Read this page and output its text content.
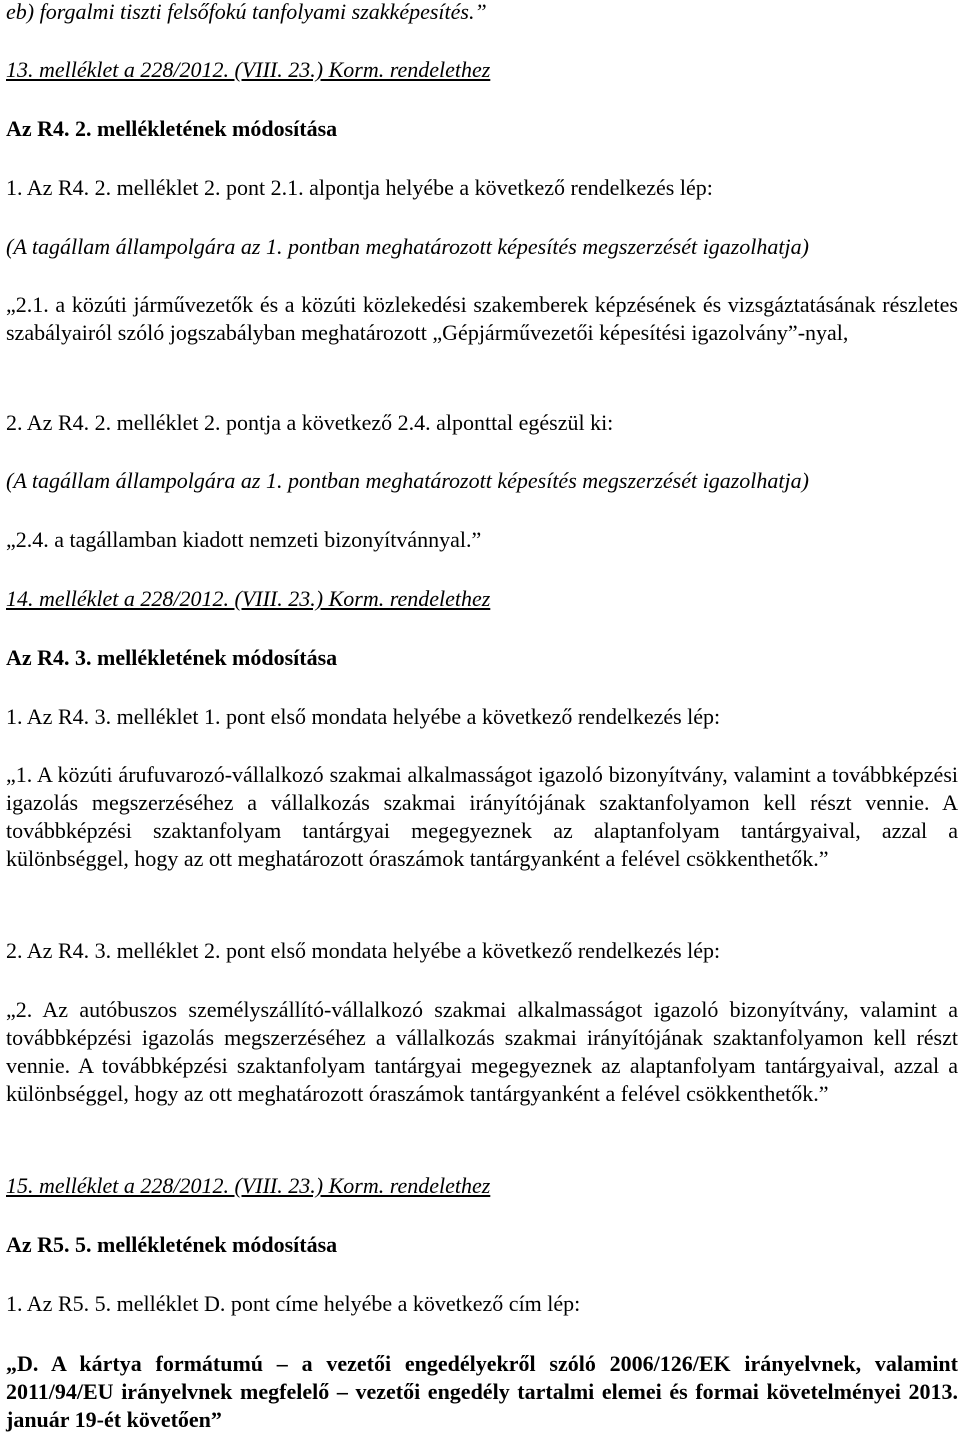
eb) forgalmi tiszti felsőfokú tanfolyami szakképesítés.”

13. melléklet a 228/2012. (VIII. 23.) Korm. rendelethez

Az R4. 2. mellékletének módosítása

1. Az R4. 2. melléklet 2. pont 2.1. alpontja helyébe a következő rendelkezés lép:

(A tagállam állampolgára az 1. pontban meghatározott képesítés megszerzését igazolhatja)

„2.1. a közúti járművezetők és a közúti közlekedési szakemberek képzésének és vizsgáztatásának részletes szabályairól szóló jogszabályban meghatározott „Gépjárművezetői képesítési igazolvány”-nyal,

2. Az R4. 2. melléklet 2. pontja a következő 2.4. alponttal egészül ki:

(A tagállam állampolgára az 1. pontban meghatározott képesítés megszerzését igazolhatja)

„2.4. a tagállamban kiadott nemzeti bizonyítvánnyal.”

14. melléklet a 228/2012. (VIII. 23.) Korm. rendelethez

Az R4. 3. mellékletének módosítása

1. Az R4. 3. melléklet 1. pont első mondata helyébe a következő rendelkezés lép:

„1. A közúti árufuvarozó-vállalkozó szakmai alkalmasságot igazoló bizonyítvány, valamint a továbbképzési igazolás megszerzéséhez a vállalkozás szakmai irányítójának szaktanfolyamon kell részt vennie. A továbbképzési szaktanfolyam tantárgyai megegyeznek az alaptanfolyam tantárgyaival, azzal a különbséggel, hogy az ott meghatározott óraszámok tantárgyanként a felével csökkenthetők.”

2. Az R4. 3. melléklet 2. pont első mondata helyébe a következő rendelkezés lép:

„2. Az autóbuszos személyszállító-vállalkozó szakmai alkalmasságot igazoló bizonyítvány, valamint a továbbképzési igazolás megszerzéséhez a vállalkozás szakmai irányítójának szaktanfolyamon kell részt vennie. A továbbképzési szaktanfolyam tantárgyai megegyeznek az alaptanfolyam tantárgyaival, azzal a különbséggel, hogy az ott meghatározott óraszámok tantárgyanként a felével csökkenthetők.”

15. melléklet a 228/2012. (VIII. 23.) Korm. rendelethez

Az R5. 5. mellékletének módosítása

1. Az R5. 5. melléklet D. pont címe helyébe a következő cím lép:

„D. A kártya formátumú – a vezetői engedélyekről szóló 2006/126/EK irányelvnek, valamint 2011/94/EU irányelvnek megfelelő – vezetői engedély tartalmi elemei és formai követelményei 2013. január 19-ét követően”
